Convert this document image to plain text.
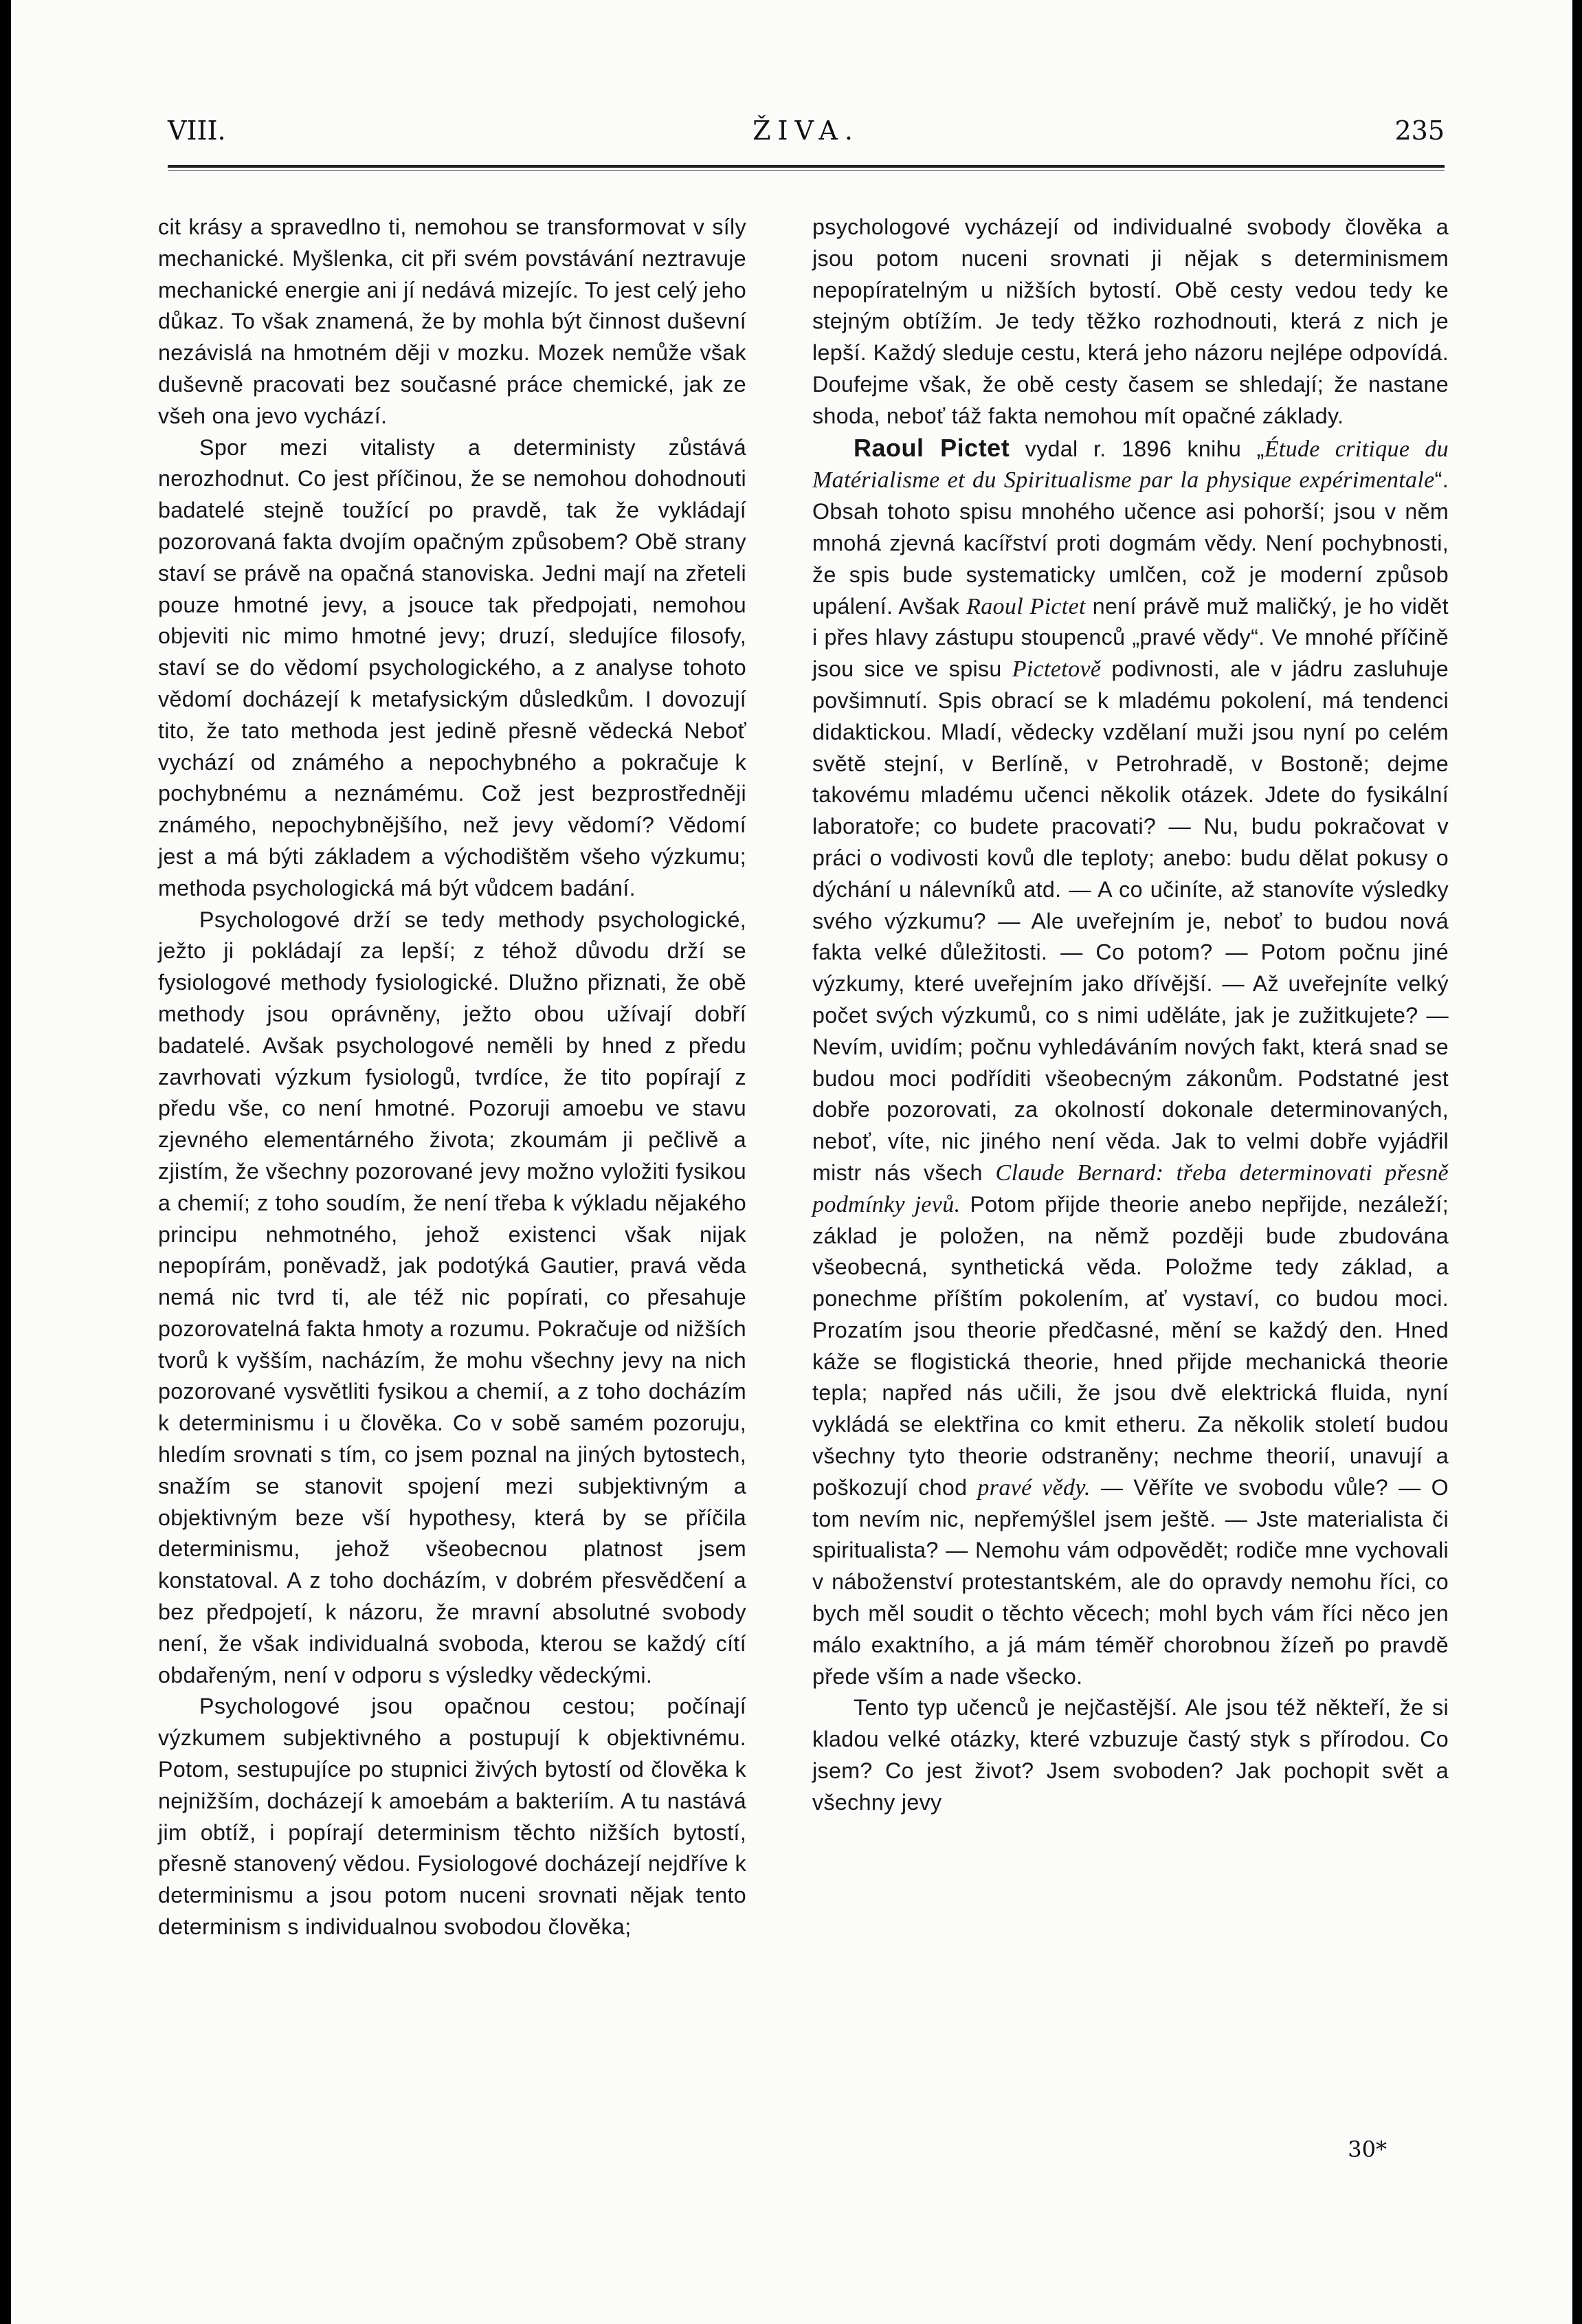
VIII.	ŽIVA.	235

cit krásy a spravedlno ti, nemohou se transformovat v síly mechanické. Myšlenka, cit při svém povstávání neztravuje mechanické energie ani jí nedává mizejíc. To jest celý jeho důkaz. To však znamená, že by mohla být činnost duševní nezávislá na hmotném ději v mozku. Mozek nemůže však duševně pracovati bez současné práce chemické, jak ze všeh ona jevo vychází.

Spor mezi vitalisty a deterministy zůstává nerozhodnut. Co jest příčinou, že se nemohou dohodnouti badatelé stejně toužící po pravdě, tak že vykládají pozorovaná fakta dvojím opačným způsobem? Obě strany staví se právě na opačná stanoviska. Jedni mají na zřeteli pouze hmotné jevy, a jsouce tak předpojati, nemohou objeviti nic mimo hmotné jevy; druzí, sledujíce filosofy, staví se do vědomí psychologického, a z analyse tohoto vědomí docházejí k metafysickým důsledkům. I dovozují tito, že tato methoda jest jedině přesně vědecká Neboť vychází od známého a nepochybného a pokračuje k pochybnému a neznámému. Což jest bezprostředněji známého, nepochybnějšího, než jevy vědomí? Vědomí jest a má býti základem a východištěm všeho výzkumu; methoda psychologická má být vůdcem badání.

Psychologové drží se tedy methody psychologické, ježto ji pokládají za lepší; z téhož důvodu drží se fysiologové methody fysiologické. Dlužno přiznati, že obě methody jsou oprávněny, ježto obou užívají dobří badatelé. Avšak psychologové neměli by hned z předu zavrhovati výzkum fysiologů, tvrdíce, že tito popírají z předu vše, co není hmotné. Pozoruji amoebu ve stavu zjevného elementárného života; zkoumám ji pečlivě a zjistím, že všechny pozorované jevy možno vyložiti fysikou a chemií; z toho soudím, že není třeba k výkladu nějakého principu nehmotného, jehož existenci však nijak nepopírám, poněvadž, jak podotýká Gautier, pravá věda nemá nic tvrd ti, ale též nic popírati, co přesahuje pozorovatelná fakta hmoty a rozumu. Pokračuje od nižších tvorů k vyšším, nacházím, že mohu všechny jevy na nich pozorované vysvětliti fysikou a chemií, a z toho docházím k determinismu i u člověka. Co v sobě samém pozoruju, hledím srovnati s tím, co jsem poznal na jiných bytostech, snažím se stanovit spojení mezi subjektivným a objektivným beze vší hypothesy, která by se příčila determinismu, jehož všeobecnou platnost jsem konstatoval. A z toho docházím, v dobrém přesvědčení a bez předpojetí, k názoru, že mravní absolutné svobody není, že však individualná svoboda, kterou se každý cítí obdařeným, není v odporu s výsledky vědeckými.

Psychologové jsou opačnou cestou; počínají výzkumem subjektivného a postupují k objektivnému. Potom, sestupujíce po stupnici živých bytostí od člověka k nejnižším, docházejí k amoebám a bakteriím. A tu nastává jim obtíž, i popírají determinism těchto nižších bytostí, přesně stanovený vědou. Fysiologové docházejí nejdříve k determinismu a jsou potom nuceni srovnati nějak tento determinism s individualnou svobodou člověka;

psychologové vycházejí od individualné svobody člověka a jsou potom nuceni srovnati ji nějak s determinismem nepopíratelným u nižších bytostí. Obě cesty vedou tedy ke stejným obtížím. Je tedy těžko rozhodnouti, která z nich je lepší. Každý sleduje cestu, která jeho názoru nejlépe odpovídá. Doufejme však, že obě cesty časem se shledají; že nastane shoda, neboť táž fakta nemohou mít opačné základy.

Raoul Pictet vydal r. 1896 knihu „Étude critique du Matérialisme et du Spiritualisme par la physique expérimentale“. Obsah tohoto spisu mnohého učence asi pohorší; jsou v něm mnohá zjevná kacířství proti dogmám vědy. Není pochybnosti, že spis bude systematicky umlčen, což je moderní způsob upálení. Avšak Raoul Pictet není právě muž maličký, je ho vidět i přes hlavy zástupu stoupenců „pravé vědy“. Ve mnohé příčině jsou sice ve spisu Pictetově podivnosti, ale v jádru zasluhuje povšimnutí. Spis obrací se k mladému pokolení, má tendenci didaktickou. Mladí, vědecky vzdělaní muži jsou nyní po celém světě stejní, v Berlíně, v Petrohradě, v Bostoně; dejme takovému mladému učenci několik otázek. Jdete do fysikální laboratoře; co budete pracovati? — Nu, budu pokračovat v práci o vodivosti kovů dle teploty; anebo: budu dělat pokusy o dýchání u nálevníků atd. — A co učiníte, až stanovíte výsledky svého výzkumu? — Ale uveřejním je, neboť to budou nová fakta velké důležitosti. — Co potom? — Potom počnu jiné výzkumy, které uveřejním jako dřívější. — Až uveřejníte velký počet svých výzkumů, co s nimi uděláte, jak je zužitkujete? — Nevím, uvidím; počnu vyhledáváním nových fakt, která snad se budou moci podříditi všeobecným zákonům. Podstatné jest dobře pozorovati, za okolností dokonale determinovaných, neboť, víte, nic jiného není věda. Jak to velmi dobře vyjádřil mistr nás všech Claude Bernard: třeba determinovati přesně podmínky jevů. Potom přijde theorie anebo nepřijde, nezáleží; základ je položen, na němž později bude zbudována všeobecná, synthetická věda. Položme tedy základ, a ponechme příštím pokolením, ať vystaví, co budou moci. Prozatím jsou theorie předčasné, mění se každý den. Hned káže se flogistická theorie, hned přijde mechanická theorie tepla; napřed nás učili, že jsou dvě elektrická fluida, nyní vykládá se elektřina co kmit etheru. Za několik století budou všechny tyto theorie odstraněny; nechme theorií, unavují a poškozují chod pravé vědy. — Věříte ve svobodu vůle? — O tom nevím nic, nepřemýšlel jsem ještě. — Jste materialista či spiritualista? — Nemohu vám odpovědět; rodiče mne vychovali v náboženství protestantském, ale do opravdy nemohu říci, co bych měl soudit o těchto věcech; mohl bych vám říci něco jen málo exaktního, a já mám téměř chorobnou žízeň po pravdě přede vším a nade všecko.

Tento typ učenců je nejčastější. Ale jsou též někteří, že si kladou velké otázky, které vzbuzuje častý styk s přírodou. Co jsem? Co jest život? Jsem svoboden? Jak pochopit svět a všechny jevy

30*
